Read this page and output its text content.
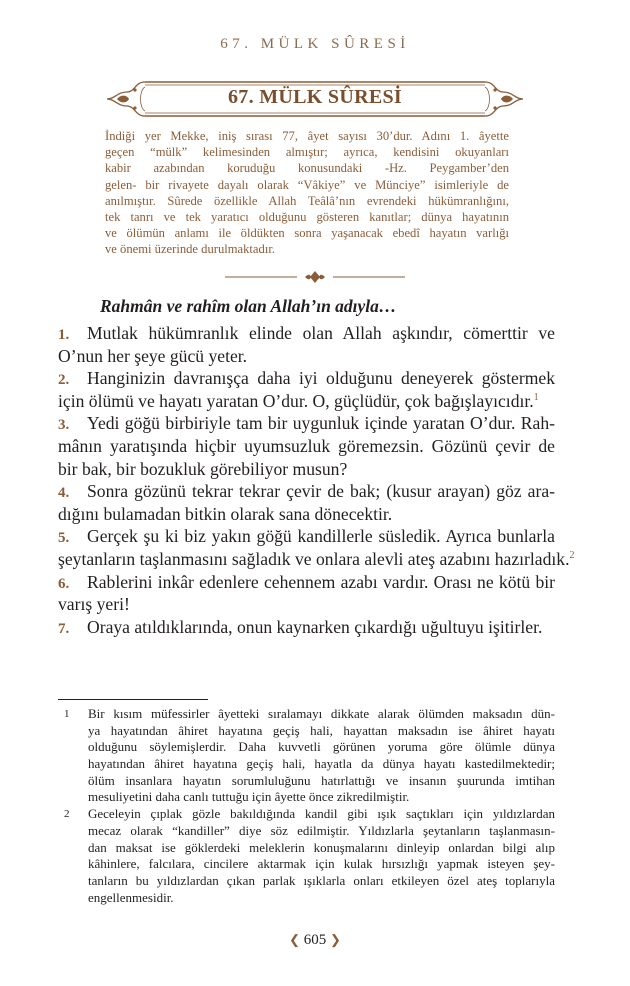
67. MÜLK SÛRESİ
67. MÜLK SÛRESİ
İndiği yer Mekke, iniş sırası 77, âyet sayısı 30’dur. Adını 1. âyette
geçen “mülk” kelimesinden almıştır; ayrıca, kendisini okuyanları
kabir azabından koruduğu konusundaki -Hz. Peygamber’den
gelen- bir rivayete dayalı olarak “Vâkiye” ve Münciye” isimleriyle de
anılmıştır. Sûrede özellikle Allah Teâlâ’nın evrendeki hükümranlığını,
tek tanrı ve tek yaratıcı olduğunu gösteren kanıtlar; dünya hayatının
ve ölümün anlamı ile öldükten sonra yaşanacak ebedî hayatın varlığı
ve önemi üzerinde durulmaktadır.
Rahmân ve rahîm olan Allah’ın adıyla…
1. Mutlak hükümranlık elinde olan Allah aşkındır, cömerttir ve
O’nun her şeye gücü yeter.
2. Hanginizin davranışça daha iyi olduğunu deneyerek göstermek
için ölümü ve hayatı yaratan O’dur. O, güçlüdür, çok bağışlayıcıdır.$^1$
3. Yedi göğü birbiriyle tam bir uygunluk içinde yaratan O’dur. Rah-
mânın yaratışında hiçbir uyumsuzluk göremezsin. Gözünü çevir de
bir bak, bir bozukluk görebiliyor musun?
4. Sonra gözünü tekrar tekrar çevir de bak; (kusur arayan) göz ara-
dığını bulamadan bitkin olarak sana dönecektir.
5. Gerçek şu ki biz yakın göğü kandillerle süsledik. Ayrıca bunlarla
şeytanların taşlanmasını sağladık ve onlara alevli ateş azabını hazırladık.$^2$
6. Rablerini inkâr edenlere cehennem azabı vardır. Orası ne kötü bir
varış yeri!
7. Oraya atıldıklarında, onun kaynarken çıkardığı uğultuyu işitirler.
1 Bir kısım müfessirler âyetteki sıralamayı dikkate alarak ölümden maksadın dün-
ya hayatından âhiret hayatına geçiş hali, hayattan maksadın ise âhiret hayatı
olduğunu söylemişlerdir. Daha kuvvetli görünen yoruma göre ölümle dünya
hayatından âhiret hayatına geçiş hali, hayatla da dünya hayatı kastedilmektedir;
ölüm insanlara hayatın sorumluluğunu hatırlattığı ve insanın şuurunda imtihan
mesuliyetini daha canlı tuttuğu için âyette önce zikredilmiştir.
2 Geceleyin çıplak gözle bakıldığında kandil gibi ışık saçtıkları için yıldızlardan
mecaz olarak “kandiller” diye söz edilmiştir. Yıldızlarla şeytanların taşlanmasın-
dan maksat ise göklerdeki meleklerin konuşmalarını dinleyip onlardan bilgi alıp
kâhinlere, falcılara, cincilere aktarmak için kulak hırsızlığı yapmak isteyen şey-
tanların bu yıldızlardan çıkan parlak ışıklarla onları etkileyen özel ateş toplarıyla
engellenmesidir.
❮ 605 ❯
